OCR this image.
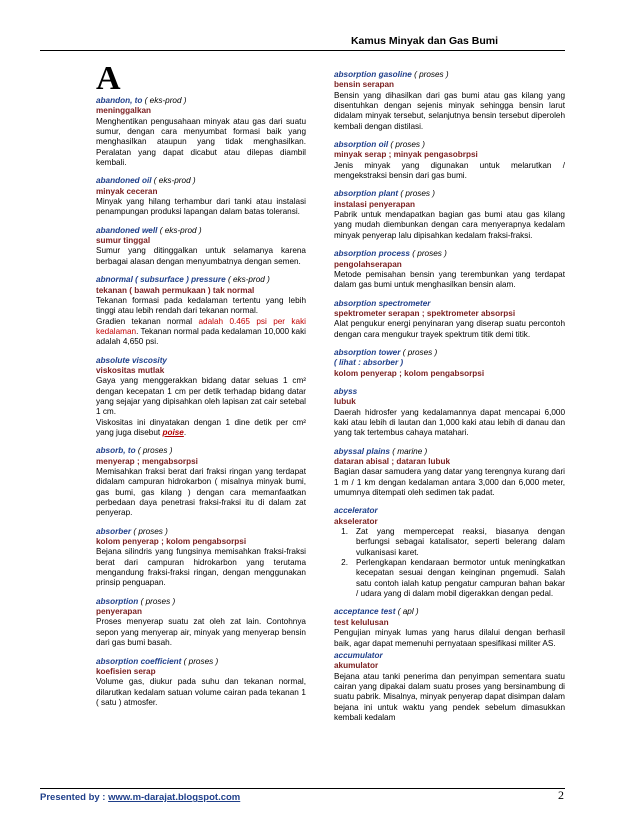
Kamus Minyak dan Gas Bumi
A
abandon, to ( eks-prod )
meninggalkan
Menghentikan pengusahaan minyak atau gas dari suatu sumur, dengan cara menyumbat formasi baik yang menghasilkan ataupun yang tidak menghasilkan. Peralatan yang dapat dicabut atau dilepas diambil kembali.
abandoned oil ( eks-prod )
minyak ceceran
Minyak yang hilang terhambur dari tanki atau instalasi penampungan produksi lapangan dalam batas toleransi.
abandoned well ( eks-prod )
sumur tinggal
Sumur yang ditinggalkan untuk selamanya karena berbagai alasan dengan menyumbatnya dengan semen.
abnormal ( subsurface ) pressure ( eks-prod )
tekanan ( bawah permukaan ) tak normal
Tekanan formasi pada kedalaman tertentu yang lebih tinggi atau lebih rendah dari tekanan normal.
Gradien tekanan normal adalah 0.465 psi per kaki kedalaman. Tekanan normal pada kedalaman 10,000 kaki adalah 4,650 psi.
absolute viscosity
viskositas mutlak
Gaya yang menggerakkan bidang datar seluas 1 cm² dengan kecepatan 1 cm per detik terhadap bidang datar yang sejajar yang dipisahkan oleh lapisan zat cair setebal 1 cm.
Viskositas ini dinyatakan dengan 1 dine detik per cm² yang juga disebut poise.
absorb, to ( proses )
menyerap ; mengabsorpsi
Memisahkan fraksi berat dari fraksi ringan yang terdapat didalam campuran hidrokarbon ( misalnya minyak bumi, gas bumi, gas kilang ) dengan cara memanfaatkan perbedaan daya penetrasi fraksi-fraksi itu di dalam zat penyerap.
absorber ( proses )
kolom penyerap ; kolom pengabsorpsi
Bejana silindris yang fungsinya memisahkan fraksi-fraksi berat dari campuran hidrokarbon yang terutama mengandung fraksi-fraksi ringan, dengan menggunakan prinsip penguapan.
absorption ( proses )
penyerapan
Proses menyerap suatu zat oleh zat lain. Contohnya sepon yang menyerap air, minyak yang menyerap bensin dari gas bumi basah.
absorption coefficient ( proses )
koefisien serap
Volume gas, diukur pada suhu dan tekanan normal, dilarutkan kedalam satuan volume cairan pada tekanan 1 ( satu ) atmosfer.
absorption gasoline ( proses )
bensin serapan
Bensin yang dihasilkan dari gas bumi atau gas kilang yang disentuhkan dengan sejenis minyak sehingga bensin larut didalam minyak tersebut, selanjutnya bensin tersebut diperoleh kembali dengan distilasi.
absorption oil ( proses )
minyak serap ; minyak pengasobrpsi
Jenis minyak yang digunakan untuk melarutkan / mengekstraksi bensin dari gas bumi.
absorption plant ( proses )
instalasi penyerapan
Pabrik untuk mendapatkan bagian gas bumi atau gas kilang yang mudah diembunkan dengan cara menyerapnya kedalam minyak penyerap lalu dipisahkan kedalam fraksi-fraksi.
absorption process ( proses )
pengolahserapan
Metode pemisahan bensin yang terembunkan yang terdapat dalam gas bumi untuk menghasilkan bensin alam.
absorption spectrometer
spektrometer serapan ; spektrometer absorpsi
Alat pengukur energi penyinaran yang diserap suatu percontoh dengan cara mengukur trayek spektrum titik demi titik.
absorption tower ( proses )
( lihat : absorber )
kolom penyerap ; kolom pengabsorpsi
abyss
lubuk
Daerah hidrosfer yang kedalamannya dapat mencapai 6,000 kaki atau lebih di lautan dan 1,000 kaki atau lebih di danau dan yang tak tertembus cahaya matahari.
abyssal plains ( marine )
dataran abisal ; dataran lubuk
Bagian dasar samudera yang datar yang terengnya kurang dari 1 m / 1 km dengan kedalaman antara 3,000 dan 6,000 meter, umumnya ditempati oleh sedimen tak padat.
accelerator
akselerator
1. Zat yang mempercepat reaksi, biasanya dengan berfungsi sebagai katalisator, seperti belerang dalam vulkanisasi karet.
2. Perlengkapan kendaraan bermotor untuk meningkatkan kecepatan sesuai dengan keinginan pngemudi. Salah satu contoh ialah katup pengatur campuran bahan bakar / udara yang di dalam mobil digerakkan dengan pedal.
acceptance test ( apl )
test kelulusan
Pengujian minyak lumas yang harus dilalui dengan berhasil baik, agar dapat memenuhi pernyataan spesifikasi militer AS.
accumulator
akumulator
Bejana atau tanki penerima dan penyimpan sementara suatu cairan yang dipakai dalam suatu proses yang bersinambung di suatu pabrik. Misalnya, minyak penyerap dapat disimpan dalam bejana ini untuk waktu yang pendek sebelum dimasukkan kembali kedalam
Presented by : www.m-darajat.blogspot.com	2
